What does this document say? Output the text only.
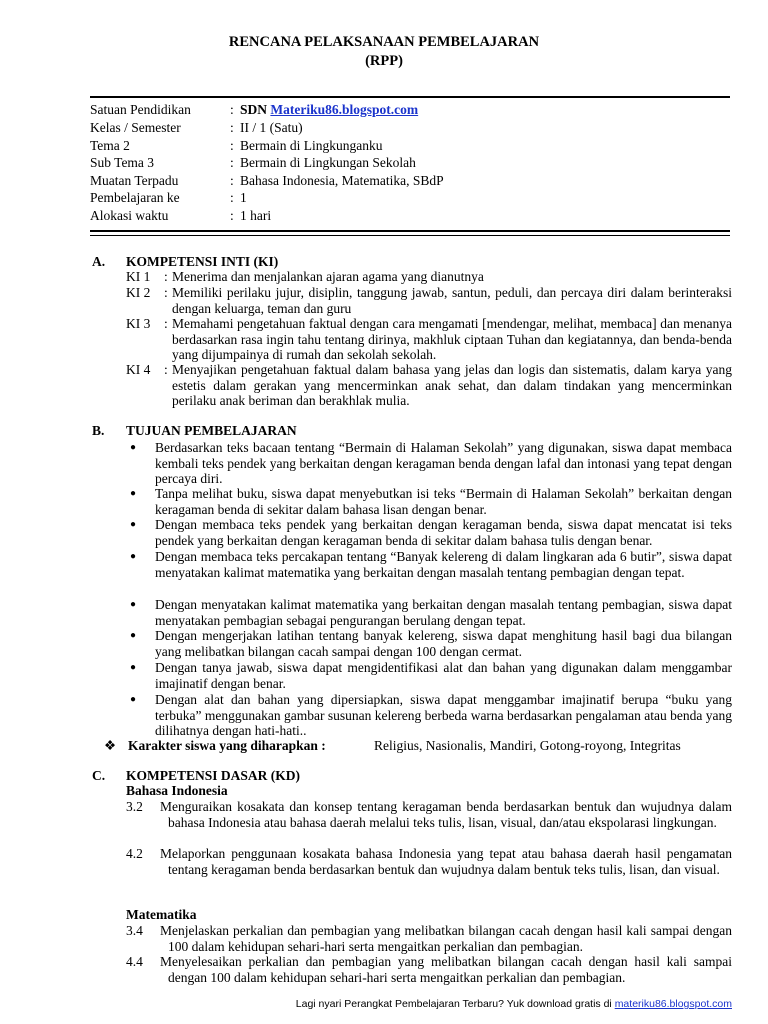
RENCANA PELAKSANAAN PEMBELAJARAN
(RPP)
Satuan Pendidikan	: SDN Materiku86.blogspot.com
Kelas / Semester	: II / 1 (Satu)
Tema 2	: Bermain di Lingkunganku
Sub Tema 3	: Bermain di Lingkungan Sekolah
Muatan Terpadu	: Bahasa Indonesia, Matematika, SBdP
Pembelajaran ke	: 1
Alokasi waktu	: 1 hari
A. KOMPETENSI INTI (KI)
KI 1 : Menerima dan menjalankan ajaran agama yang dianutnya
KI 2 : Memiliki perilaku jujur, disiplin, tanggung jawab, santun, peduli, dan percaya diri dalam berinteraksi dengan keluarga, teman dan guru
KI 3 : Memahami pengetahuan faktual dengan cara mengamati [mendengar, melihat, membaca] dan menanya berdasarkan rasa ingin tahu tentang dirinya, makhluk ciptaan Tuhan dan kegiatannya, dan benda-benda yang dijumpainya di rumah dan sekolah sekolah.
KI 4 : Menyajikan pengetahuan faktual dalam bahasa yang jelas dan logis dan sistematis, dalam karya yang estetis dalam gerakan yang mencerminkan anak sehat, dan dalam tindakan yang mencerminkan perilaku anak beriman dan berakhlak mulia.
B. TUJUAN PEMBELAJARAN
● Berdasarkan teks bacaan tentang “Bermain di Halaman Sekolah” yang digunakan, siswa dapat membaca kembali teks pendek yang berkaitan dengan keragaman benda dengan lafal dan intonasi yang tepat dengan percaya diri.
● Tanpa melihat buku, siswa dapat menyebutkan isi teks “Bermain di Halaman Sekolah” berkaitan dengan keragaman benda di sekitar dalam bahasa lisan dengan benar.
● Dengan membaca teks pendek yang berkaitan dengan keragaman benda, siswa dapat mencatat isi teks pendek yang berkaitan dengan keragaman benda di sekitar dalam bahasa tulis dengan benar.
● Dengan membaca teks percakapan tentang “Banyak kelereng di dalam lingkaran ada 6 butir”, siswa dapat menyatakan kalimat matematika yang berkaitan dengan masalah tentang pembagian dengan tepat.
● Dengan menyatakan kalimat matematika yang berkaitan dengan masalah tentang pembagian, siswa dapat menyatakan pembagian sebagai pengurangan berulang dengan tepat.
● Dengan mengerjakan latihan tentang banyak kelereng, siswa dapat menghitung hasil bagi dua bilangan yang melibatkan bilangan cacah sampai dengan 100 dengan cermat.
● Dengan tanya jawab, siswa dapat mengidentifikasi alat dan bahan yang digunakan dalam menggambar imajinatif dengan benar.
● Dengan alat dan bahan yang dipersiapkan, siswa dapat menggambar imajinatif berupa “buku yang terbuka” menggunakan gambar susunan kelereng berbeda warna berdasarkan pengalaman atau benda yang dilihatnya dengan hati-hati..
❖ Karakter siswa yang diharapkan :	Religius, Nasionalis, Mandiri, Gotong-royong, Integritas
C. KOMPETENSI DASAR (KD)
Bahasa Indonesia
3.2 Menguraikan kosakata dan konsep tentang keragaman benda berdasarkan bentuk dan wujudnya dalam bahasa Indonesia atau bahasa daerah melalui teks tulis, lisan, visual, dan/atau ekspolarasi lingkungan.
4.2 Melaporkan penggunaan kosakata bahasa Indonesia yang tepat atau bahasa daerah hasil pengamatan tentang keragaman benda berdasarkan bentuk dan wujudnya dalam bentuk teks tulis, lisan, dan visual.
Matematika
3.4 Menjelaskan perkalian dan pembagian yang melibatkan bilangan cacah dengan hasil kali sampai dengan 100 dalam kehidupan sehari-hari serta mengaitkan perkalian dan pembagian.
4.4 Menyelesaikan perkalian dan pembagian yang melibatkan bilangan cacah dengan hasil kali sampai dengan 100 dalam kehidupan sehari-hari serta mengaitkan perkalian dan pembagian.
Lagi nyari Perangkat Pembelajaran Terbaru? Yuk download gratis di materiku86.blogspot.com
